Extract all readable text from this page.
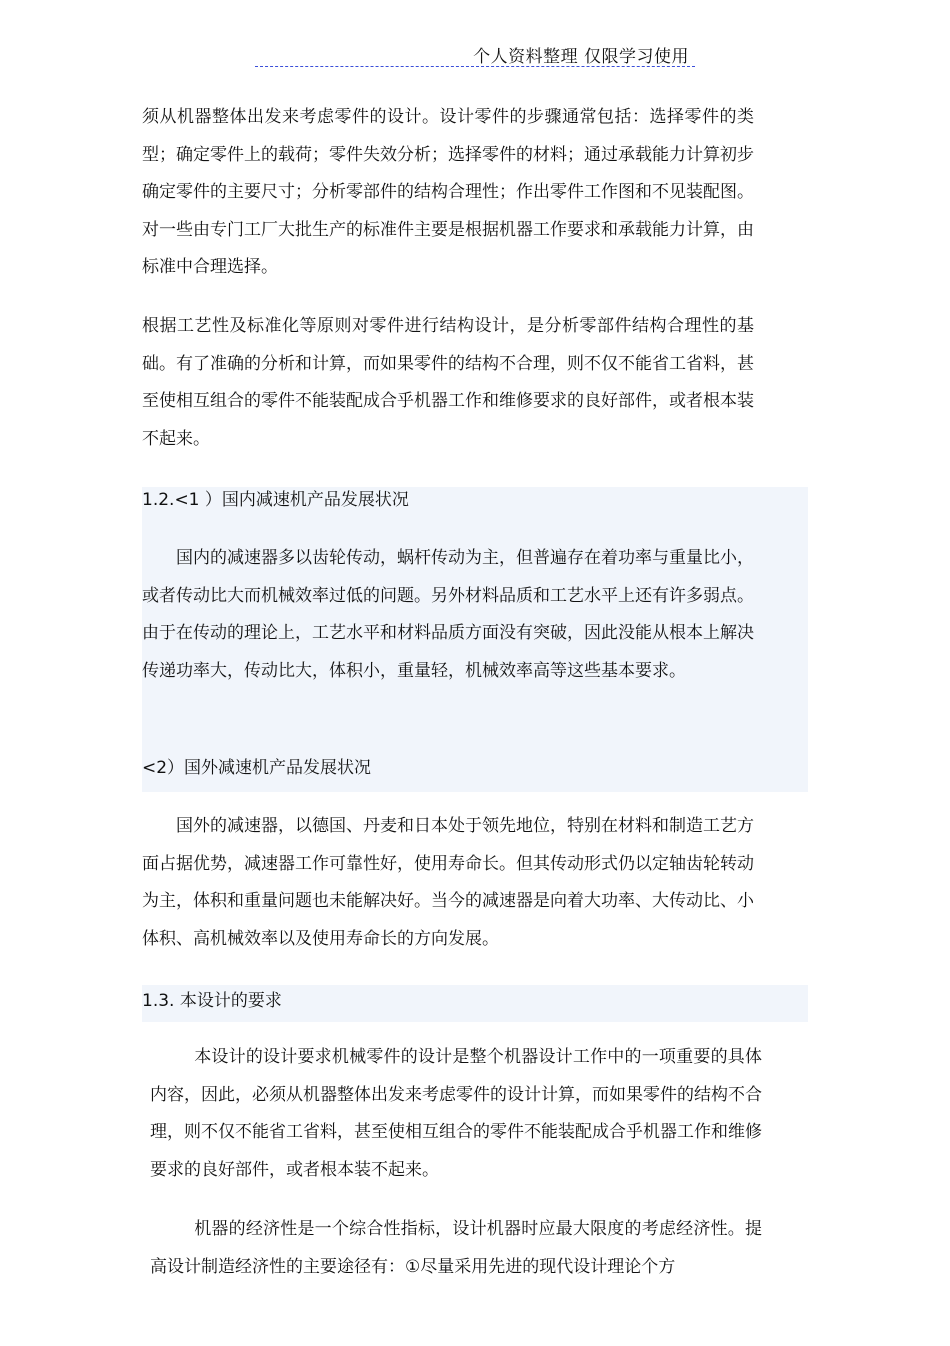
个人资料整理 仅限学习使用

须从机器整体出发来考虑零件的设计。设计零件的步骤通常包括：选择零件的类型；确定零件上的载荷；零件失效分析；选择零件的材料；通过承载能力计算初步确定零件的主要尺寸；分析零部件的结构合理性；作出零件工作图和不见装配图。对一些由专门工厂大批生产的标准件主要是根据机器工作要求和承载能力计算，由标准中合理选择。

根据工艺性及标准化等原则对零件进行结构设计，是分析零部件结构合理性的基础。有了准确的分析和计算，而如果零件的结构不合理，则不仅不能省工省料，甚至使相互组合的零件不能装配成合乎机器工作和维修要求的良好部件，或者根本装不起来。

1.2.<1 ）国内减速机产品发展状况

国内的减速器多以齿轮传动，蜗杆传动为主，但普遍存在着功率与重量比小，或者传动比大而机械效率过低的问题。另外材料品质和工艺水平上还有许多弱点。由于在传动的理论上，工艺水平和材料品质方面没有突破，因此没能从根本上解决传递功率大，传动比大，体积小，重量轻，机械效率高等这些基本要求。

<2）国外减速机产品发展状况

国外的减速器，以德国、丹麦和日本处于领先地位，特别在材料和制造工艺方面占据优势，减速器工作可靠性好，使用寿命长。但其传动形式仍以定轴齿轮转动为主，体积和重量问题也未能解决好。当今的减速器是向着大功率、大传动比、小体积、高机械效率以及使用寿命长的方向发展。

1.3. 本设计的要求

本设计的设计要求机械零件的设计是整个机器设计工作中的一项重要的具体内容，因此，必须从机器整体出发来考虑零件的设计计算，而如果零件的结构不合理，则不仅不能省工省料，甚至使相互组合的零件不能装配成合乎机器工作和维修要求的良好部件，或者根本装不起来。

机器的经济性是一个综合性指标，设计机器时应最大限度的考虑经济性。提高设计制造经济性的主要途径有：①尽量采用先进的现代设计理论个方
